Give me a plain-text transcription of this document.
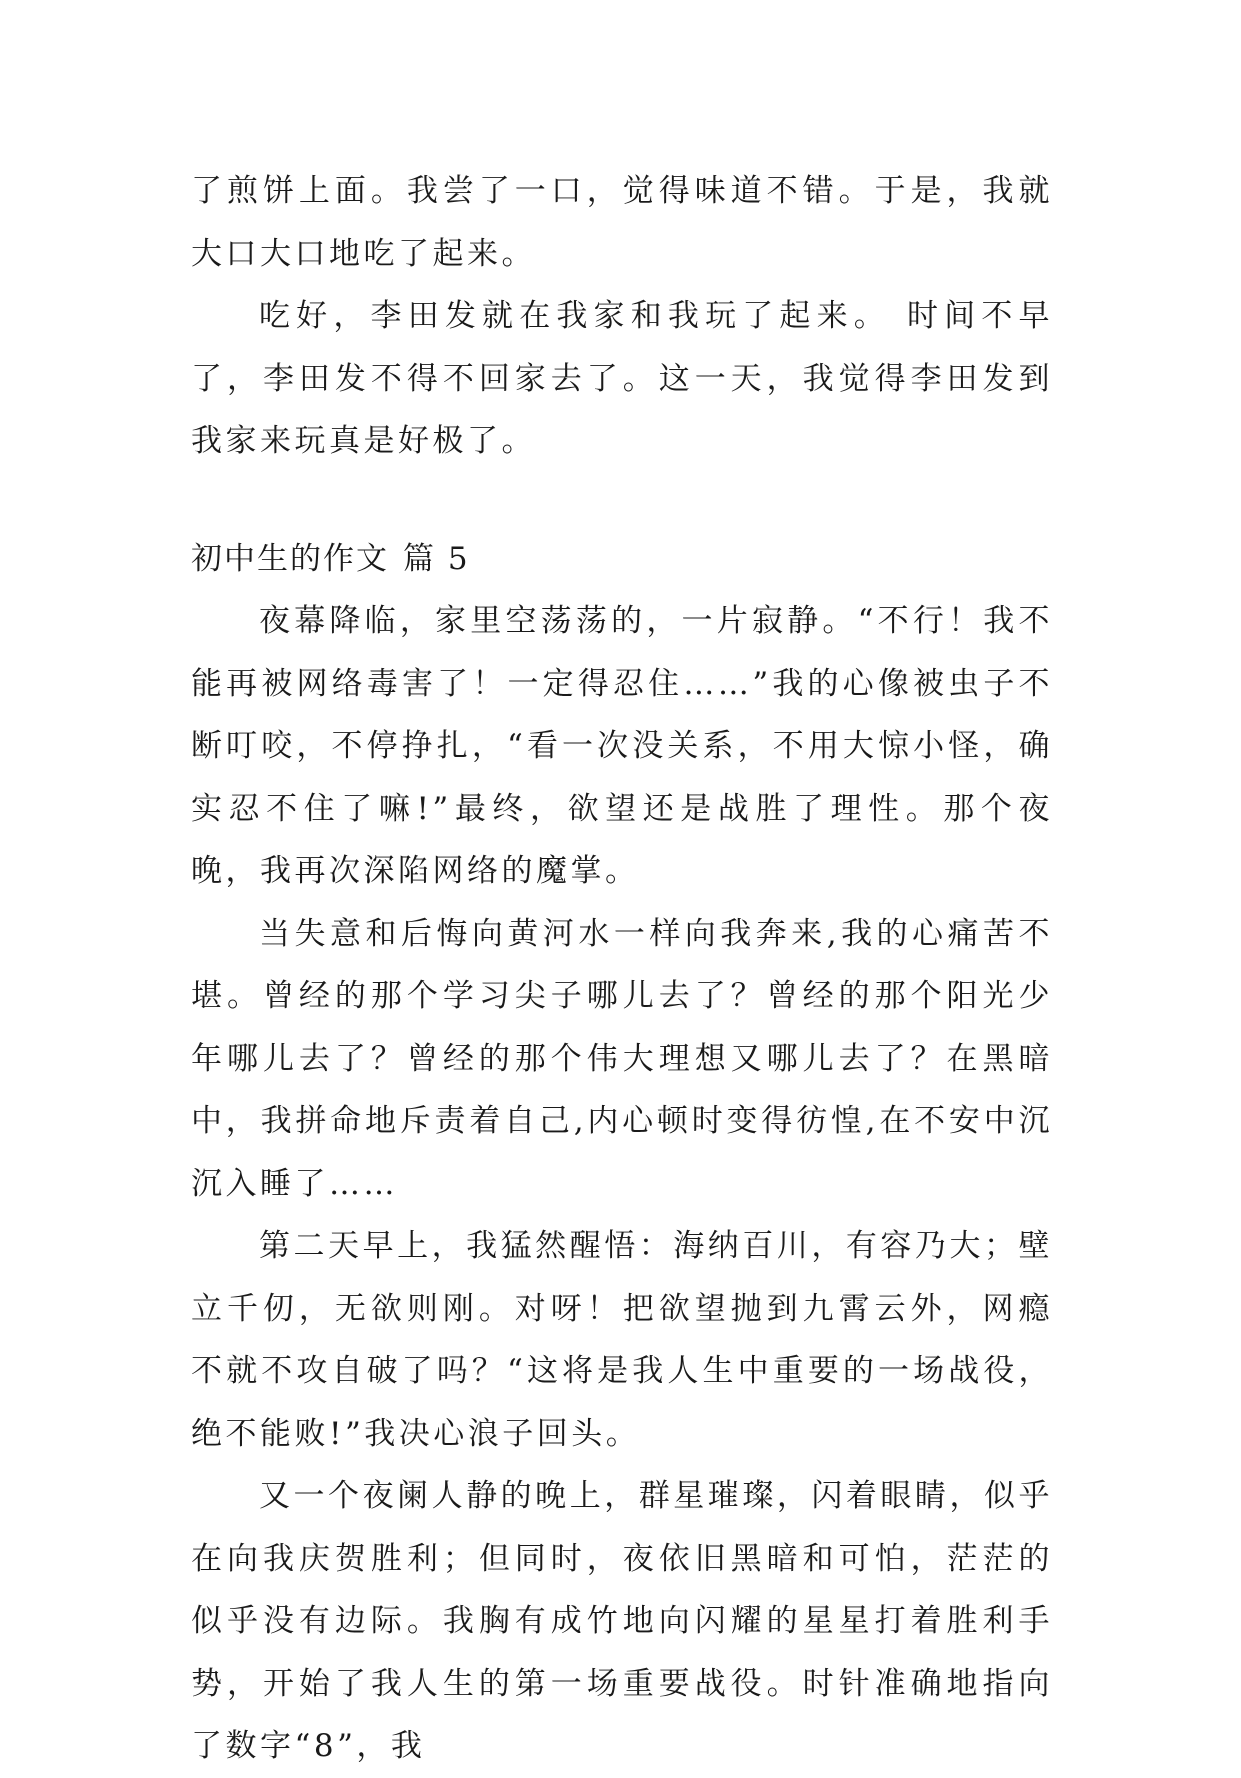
了煎饼上面。我尝了一口，觉得味道不错。于是，我就大口大口地吃了起来。

吃好，李田发就在我家和我玩了起来。 时间不早了，李田发不得不回家去了。这一天，我觉得李田发到我家来玩真是好极了。

初中生的作文 篇 5

夜幕降临，家里空荡荡的，一片寂静。“不行！我不能再被网络毒害了！一定得忍住……”我的心像被虫子不断叮咬，不停挣扎，“看一次没关系，不用大惊小怪，确实忍不住了嘛!”最终，欲望还是战胜了理性。那个夜晚，我再次深陷网络的魔掌。

当失意和后悔向黄河水一样向我奔来,我的心痛苦不堪。曾经的那个学习尖子哪儿去了？曾经的那个阳光少年哪儿去了？曾经的那个伟大理想又哪儿去了？在黑暗中，我拼命地斥责着自己,内心顿时变得彷惶,在不安中沉沉入睡了……

第二天早上，我猛然醒悟：海纳百川，有容乃大；壁立千仞，无欲则刚。对呀！把欲望抛到九霄云外，网瘾不就不攻自破了吗？“这将是我人生中重要的一场战役，绝不能败!”我决心浪子回头。

又一个夜阑人静的晚上，群星璀璨，闪着眼睛，似乎在向我庆贺胜利；但同时，夜依旧黑暗和可怕，茫茫的似乎没有边际。我胸有成竹地向闪耀的星星打着胜利手势，开始了我人生的第一场重要战役。时针准确地指向了数字“8”，我
